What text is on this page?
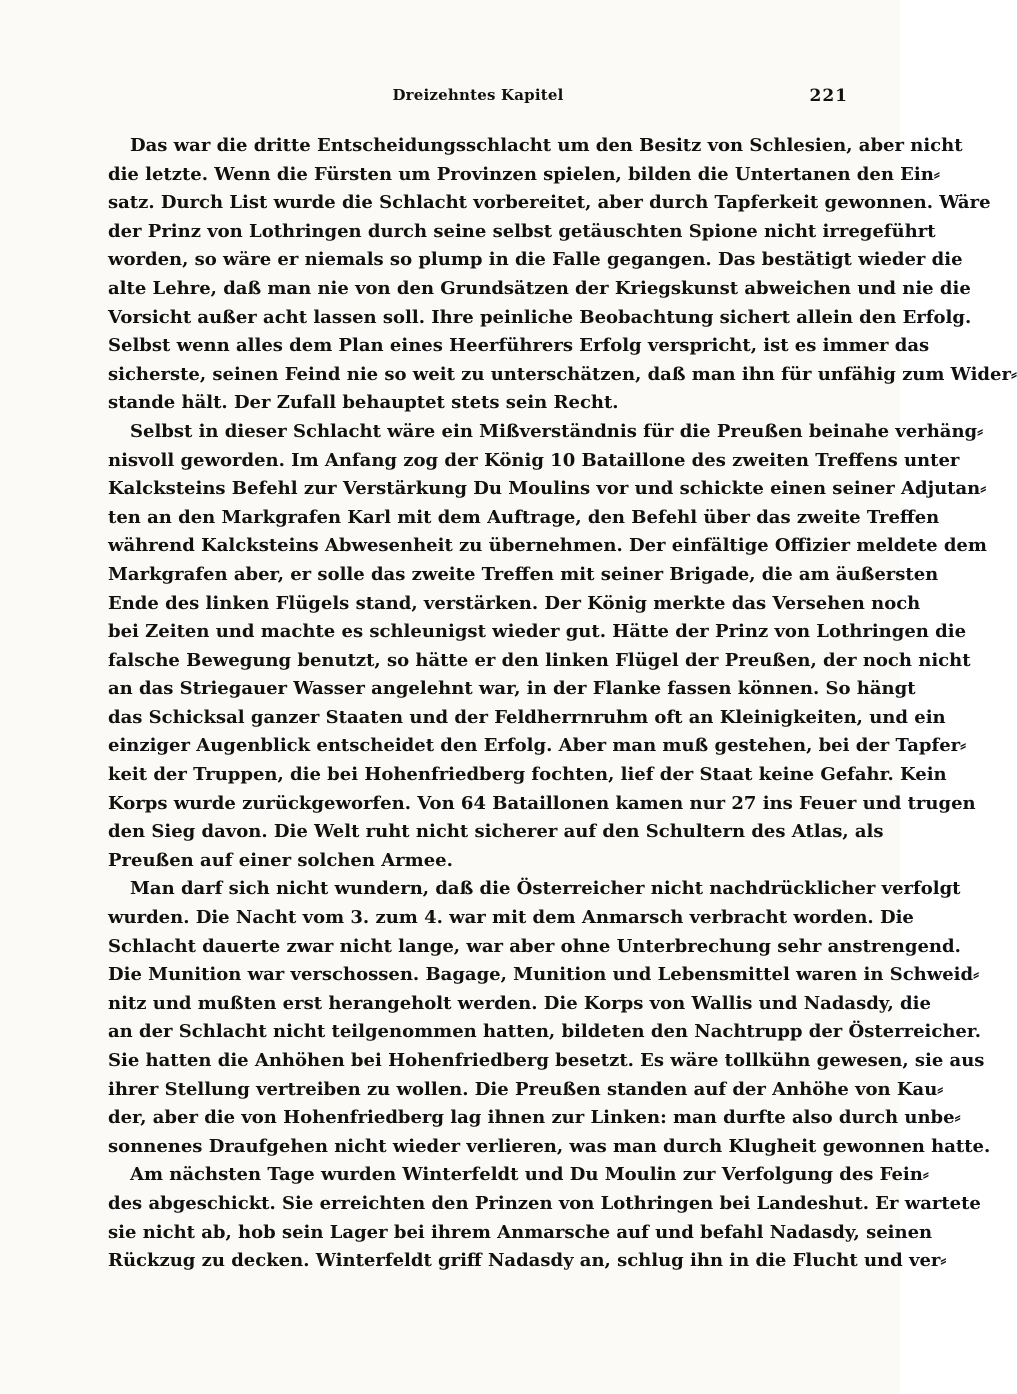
Dreizehntes Kapitel	221
Das war die dritte Entscheidungsschlacht um den Besitz von Schlesien, aber nicht
die letzte. Wenn die Fürsten um Provinzen spielen, bilden die Untertanen den Ein⸗
satz. Durch List wurde die Schlacht vorbereitet, aber durch Tapferkeit gewonnen. Wäre
der Prinz von Lothringen durch seine selbst getäuschten Spione nicht irregeführt
worden, so wäre er niemals so plump in die Falle gegangen. Das bestätigt wieder die
alte Lehre, daß man nie von den Grundsätzen der Kriegskunst abweichen und nie die
Vorsicht außer acht lassen soll. Ihre peinliche Beobachtung sichert allein den Erfolg.
Selbst wenn alles dem Plan eines Heerführers Erfolg verspricht, ist es immer das
sicherste, seinen Feind nie so weit zu unterschätzen, daß man ihn für unfähig zum Wider⸗
stande hält. Der Zufall behauptet stets sein Recht.
Selbst in dieser Schlacht wäre ein Mißverständnis für die Preußen beinahe verhäng⸗
nisvoll geworden. Im Anfang zog der König 10 Bataillone des zweiten Treffens unter
Kalcksteins Befehl zur Verstärkung Du Moulins vor und schickte einen seiner Adjutan⸗
ten an den Markgrafen Karl mit dem Auftrage, den Befehl über das zweite Treffen
während Kalcksteins Abwesenheit zu übernehmen. Der einfältige Offizier meldete dem
Markgrafen aber, er solle das zweite Treffen mit seiner Brigade, die am äußersten
Ende des linken Flügels stand, verstärken. Der König merkte das Versehen noch
bei Zeiten und machte es schleunigst wieder gut. Hätte der Prinz von Lothringen die
falsche Bewegung benutzt, so hätte er den linken Flügel der Preußen, der noch nicht
an das Striegauer Wasser angelehnt war, in der Flanke fassen können. So hängt
das Schicksal ganzer Staaten und der Feldherrnruhm oft an Kleinigkeiten, und ein
einziger Augenblick entscheidet den Erfolg. Aber man muß gestehen, bei der Tapfer⸗
keit der Truppen, die bei Hohenfriedberg fochten, lief der Staat keine Gefahr. Kein
Korps wurde zurückgeworfen. Von 64 Bataillonen kamen nur 27 ins Feuer und trugen
den Sieg davon. Die Welt ruht nicht sicherer auf den Schultern des Atlas, als
Preußen auf einer solchen Armee.
Man darf sich nicht wundern, daß die Österreicher nicht nachdrücklicher verfolgt
wurden. Die Nacht vom 3. zum 4. war mit dem Anmarsch verbracht worden. Die
Schlacht dauerte zwar nicht lange, war aber ohne Unterbrechung sehr anstrengend.
Die Munition war verschossen. Bagage, Munition und Lebensmittel waren in Schweid⸗
nitz und mußten erst herangeholt werden. Die Korps von Wallis und Nadasdy, die
an der Schlacht nicht teilgenommen hatten, bildeten den Nachtrupp der Österreicher.
Sie hatten die Anhöhen bei Hohenfriedberg besetzt. Es wäre tollkühn gewesen, sie aus
ihrer Stellung vertreiben zu wollen. Die Preußen standen auf der Anhöhe von Kau⸗
der, aber die von Hohenfriedberg lag ihnen zur Linken: man durfte also durch unbe⸗
sonnenes Draufgehen nicht wieder verlieren, was man durch Klugheit gewonnen hatte.
Am nächsten Tage wurden Winterfeldt und Du Moulin zur Verfolgung des Fein⸗
des abgeschickt. Sie erreichten den Prinzen von Lothringen bei Landeshut. Er wartete
sie nicht ab, hob sein Lager bei ihrem Anmarsche auf und befahl Nadasdy, seinen
Rückzug zu decken. Winterfeldt griff Nadasdy an, schlug ihn in die Flucht und ver⸗
